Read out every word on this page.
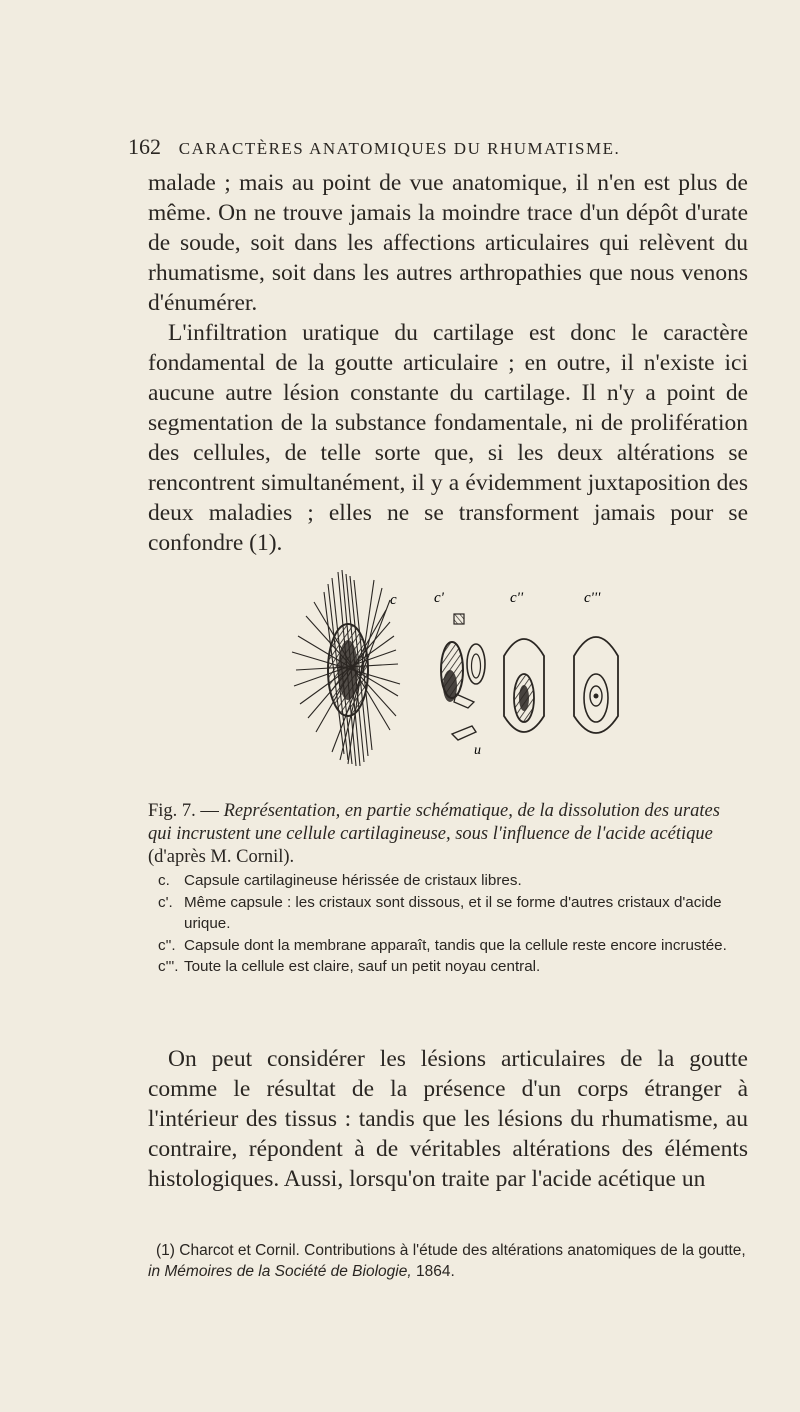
162 CARACTÈRES ANATOMIQUES DU RHUMATISME.

malade ; mais au point de vue anatomique, il n'en est plus de même. On ne trouve jamais la moindre trace d'un dépôt d'urate de soude, soit dans les affections articulaires qui relèvent du rhumatisme, soit dans les autres arthropathies que nous venons d'énumérer.

L'infiltration uratique du cartilage est donc le caractère fondamental de la goutte articulaire ; en outre, il n'existe ici aucune autre lésion constante du cartilage. Il n'y a point de segmentation de la substance fondamentale, ni de prolifération des cellules, de telle sorte que, si les deux altérations se rencontrent simultanément, il y a évidemment juxtaposition des deux maladies ; elles ne se transforment jamais pour se confondre (1).

c c'
u
c''	c'''
Fig. 7. — Représentation, en partie schématique, de la dissolution des urates qui incrustent une cellule cartilagineuse, sous l'influence de l'acide acétique (d'après M. Cornil).
c. Capsule cartilagineuse hérissée de cristaux libres.
c'. Même capsule : les cristaux sont dissous, et il se forme d'autres cristaux d'acide urique.
c''. Capsule dont la membrane apparaît, tandis que la cellule reste encore incrustée.
c'''. Toute la cellule est claire, sauf un petit noyau central.

On peut considérer les lésions articulaires de la goutte comme le résultat de la présence d'un corps étranger à l'intérieur des tissus : tandis que les lésions du rhumatisme, au contraire, répondent à de véritables altérations des éléments histologiques. Aussi, lorsqu'on traite par l'acide acétique un

(1) Charcot et Cornil. Contributions à l'étude des altérations anatomiques de la goutte, in Mémoires de la Société de Biologie, 1864.
